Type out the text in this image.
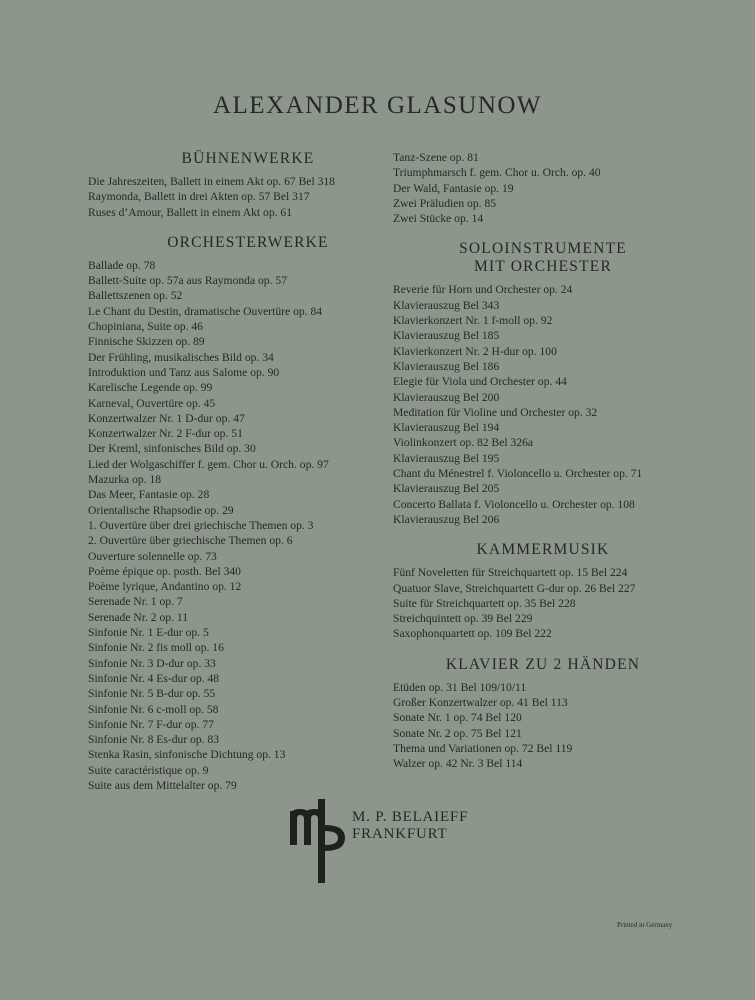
ALEXANDER GLASUNOW
BÜHNENWERKE
Die Jahreszeiten, Ballett in einem Akt op. 67 Bel 318
Raymonda, Ballett in drei Akten op. 57 Bel 317
Ruses d’Amour, Ballett in einem Akt op. 61
ORCHESTERWERKE
Ballade op. 78
Ballett-Suite op. 57a aus Raymonda op. 57
Ballettszenen op. 52
Le Chant du Destin, dramatische Ouvertüre op. 84
Chopiniana, Suite op. 46
Finnische Skizzen op. 89
Der Frühling, musikalisches Bild op. 34
Introduktion und Tanz aus Salome op. 90
Karelische Legende op. 99
Karneval, Ouvertüre op. 45
Konzertwalzer Nr. 1 D-dur op. 47
Konzertwalzer Nr. 2 F-dur op. 51
Der Kreml, sinfonisches Bild op. 30
Lied der Wolgaschiffer f. gem. Chor u. Orch. op. 97
Mazurka op. 18
Das Meer, Fantasie op. 28
Orientalische Rhapsodie op. 29
1. Ouvertüre über drei griechische Themen op. 3
2. Ouvertüre über griechische Themen op. 6
Ouverture solennelle op. 73
Poème épique op. posth. Bel 340
Poème lyrique, Andantino op. 12
Serenade Nr. 1 op. 7
Serenade Nr. 2 op. 11
Sinfonie Nr. 1 E-dur op. 5
Sinfonie Nr. 2 fis moll op. 16
Sinfonie Nr. 3 D-dur op. 33
Sinfonie Nr. 4 Es-dur op. 48
Sinfonie Nr. 5 B-dur op. 55
Sinfonie Nr. 6 c-moll op. 58
Sinfonie Nr. 7 F-dur op. 77
Sinfonie Nr. 8 Es-dur op. 83
Stenka Rasin, sinfonische Dichtung op. 13
Suite caractéristique op. 9
Suite aus dem Mittelalter op. 79
Tanz-Szene op. 81
Triumphmarsch f. gem. Chor u. Orch. op. 40
Der Wald, Fantasie op. 19
Zwei Präludien op. 85
Zwei Stücke op. 14
SOLOINSTRUMENTE
MIT ORCHESTER
Reverie für Horn und Orchester op. 24
Klavierauszug Bel 343
Klavierkonzert Nr. 1 f-moll op. 92
Klavierauszug Bel 185
Klavierkonzert Nr. 2 H-dur op. 100
Klavierauszug Bel 186
Elegie für Viola und Orchester op. 44
Klavierauszug Bel 200
Meditation für Violine und Orchester op. 32
Klavierauszug Bel 194
Violinkonzert op. 82 Bel 326a
Klavierauszug Bel 195
Chant du Ménestrel f. Violoncello u. Orchester op. 71
Klavierauszug Bel 205
Concerto Ballata f. Violoncello u. Orchester op. 108
Klavierauszug Bel 206
KAMMERMUSIK
Fünf Noveletten für Streichquartett op. 15 Bel 224
Quatuor Slave, Streichquartett G-dur op. 26 Bel 227
Suite für Streichquartett op. 35 Bel 228
Streichquintett op. 39 Bel 229
Saxophonquartett op. 109 Bel 222
KLAVIER ZU 2 HÄNDEN
Etüden op. 31 Bel 109/10/11
Großer Konzertwalzer op. 41 Bel 113
Sonate Nr. 1 op. 74 Bel 120
Sonate Nr. 2 op. 75 Bel 121
Thema und Variationen op. 72 Bel 119
Walzer op. 42 Nr. 3 Bel 114
M. P. BELAIEFF
FRANKFURT
Printed in Germany
